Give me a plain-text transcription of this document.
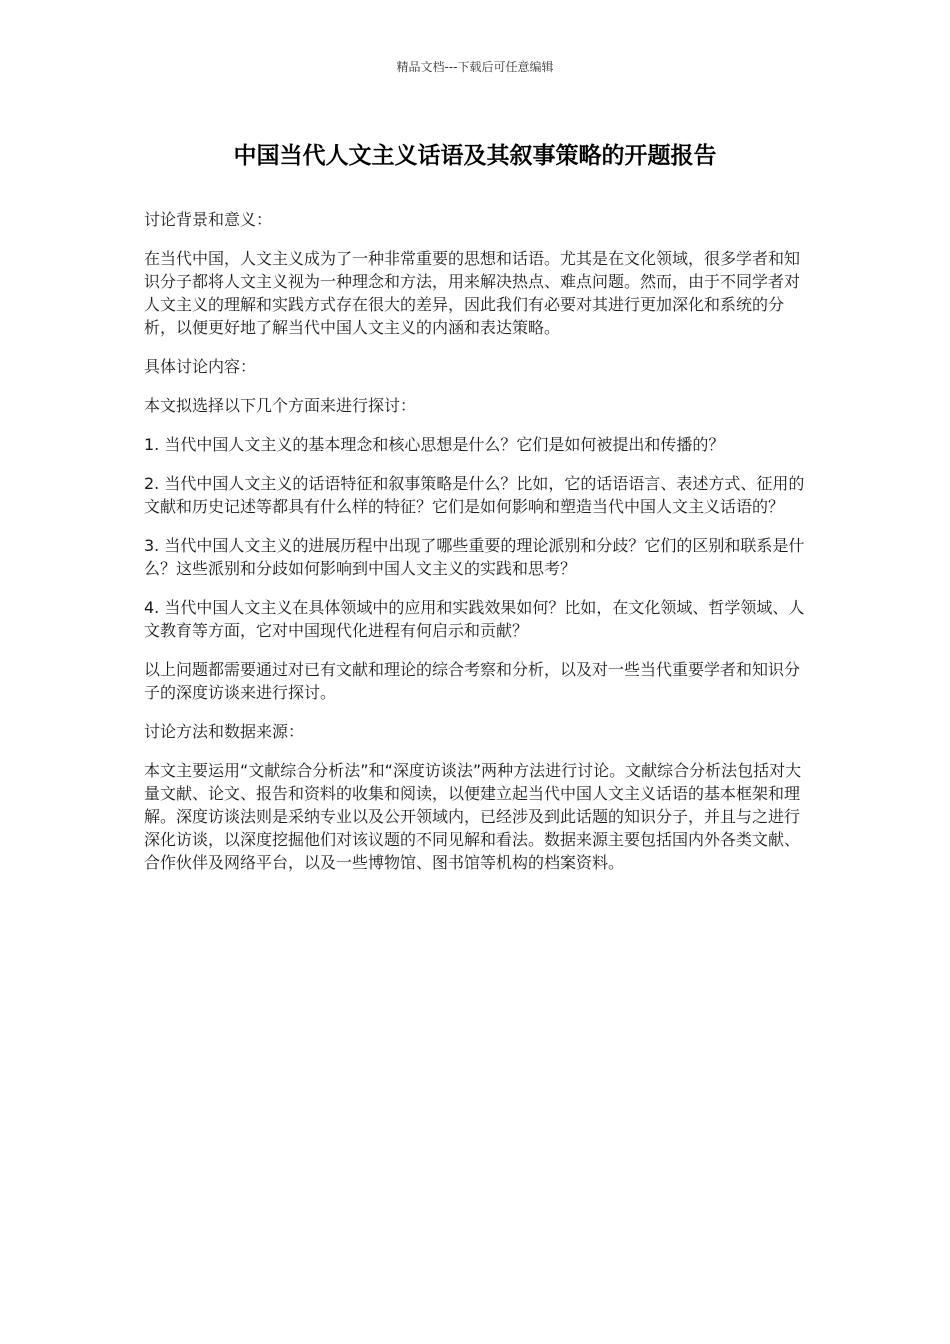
精品文档---下载后可任意编辑
中国当代人文主义话语及其叙事策略的开题报告

讨论背景和意义：

在当代中国，人文主义成为了一种非常重要的思想和话语。尤其是在文化领域，很多学者和知识分子都将人文主义视为一种理念和方法，用来解决热点、难点问题。然而，由于不同学者对人文主义的理解和实践方式存在很大的差异，因此我们有必要对其进行更加深化和系统的分析，以便更好地了解当代中国人文主义的内涵和表达策略。

具体讨论内容：

本文拟选择以下几个方面来进行探讨：

1. 当代中国人文主义的基本理念和核心思想是什么？它们是如何被提出和传播的？

2. 当代中国人文主义的话语特征和叙事策略是什么？比如，它的话语语言、表述方式、征用的文献和历史记述等都具有什么样的特征？它们是如何影响和塑造当代中国人文主义话语的？

3. 当代中国人文主义的进展历程中出现了哪些重要的理论派别和分歧？它们的区别和联系是什么？这些派别和分歧如何影响到中国人文主义的实践和思考？

4. 当代中国人文主义在具体领域中的应用和实践效果如何？比如，在文化领域、哲学领域、人文教育等方面，它对中国现代化进程有何启示和贡献？

以上问题都需要通过对已有文献和理论的综合考察和分析，以及对一些当代重要学者和知识分子的深度访谈来进行探讨。

讨论方法和数据来源：

本文主要运用“文献综合分析法”和“深度访谈法”两种方法进行讨论。文献综合分析法包括对大量文献、论文、报告和资料的收集和阅读，以便建立起当代中国人文主义话语的基本框架和理解。深度访谈法则是采纳专业以及公开领域内，已经涉及到此话题的知识分子，并且与之进行深化访谈，以深度挖掘他们对该议题的不同见解和看法。数据来源主要包括国内外各类文献、合作伙伴及网络平台，以及一些博物馆、图书馆等机构的档案资料。
